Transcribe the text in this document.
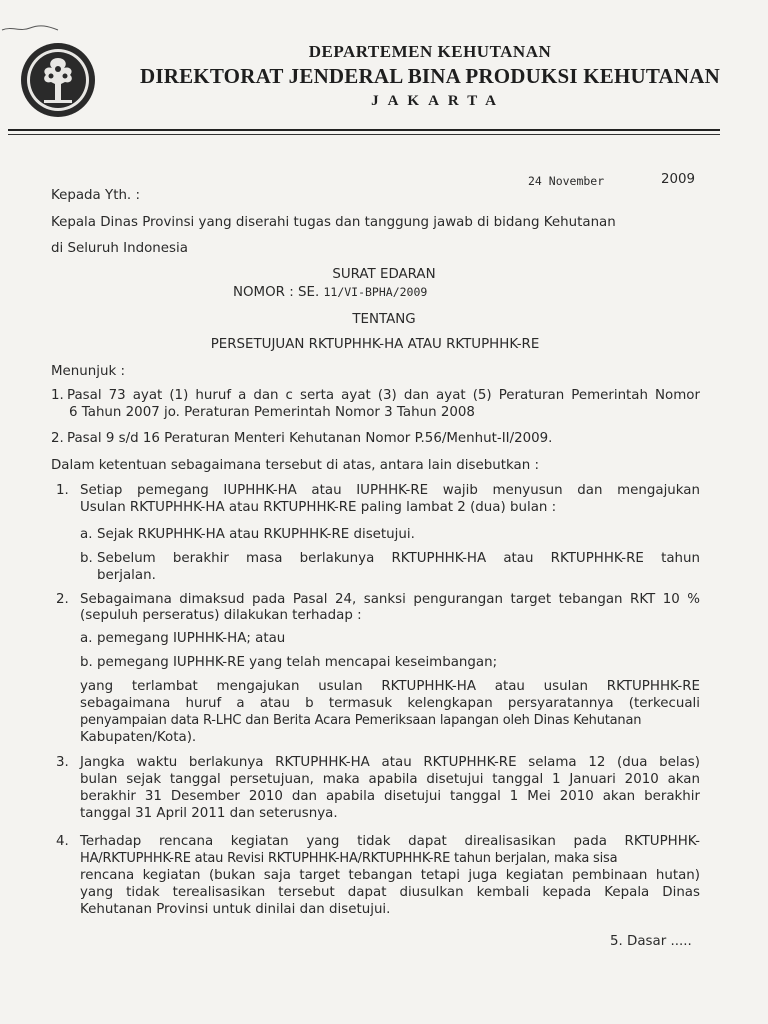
DEPARTEMEN KEHUTANAN
DIREKTORAT JENDERAL BINA PRODUKSI KEHUTANAN
JAKARTA
24 November	2009
Kepada Yth. :
Kepala Dinas Provinsi yang diserahi tugas dan tanggung jawab di bidang Kehutanan
di Seluruh Indonesia
SURAT EDARAN
NOMOR : SE. 11/VI-BPHA/2009
TENTANG
PERSETUJUAN RKTUPHHK-HA ATAU RKTUPHHK-RE
Menunjuk :
1. Pasal 73 ayat (1) huruf a dan c serta ayat (3) dan ayat (5) Peraturan Pemerintah Nomor
6 Tahun 2007 jo. Peraturan Pemerintah Nomor 3 Tahun 2008
2. Pasal 9 s/d 16 Peraturan Menteri Kehutanan Nomor P.56/Menhut-II/2009.
Dalam ketentuan sebagaimana tersebut di atas, antara lain disebutkan :
1. Setiap pemegang IUPHHK-HA atau IUPHHK-RE wajib menyusun dan mengajukan
Usulan RKTUPHHK-HA atau RKTUPHHK-RE paling lambat 2 (dua) bulan :
a. Sejak RKUPHHK-HA atau RKUPHHK-RE disetujui.
b. Sebelum berakhir masa berlakunya RKTUPHHK-HA atau RKTUPHHK-RE tahun
berjalan.
2. Sebagaimana dimaksud pada Pasal 24, sanksi pengurangan target tebangan RKT 10 %
(sepuluh perseratus) dilakukan terhadap :
a. pemegang IUPHHK-HA; atau
b. pemegang IUPHHK-RE yang telah mencapai keseimbangan;
yang terlambat mengajukan usulan RKTUPHHK-HA atau usulan RKTUPHHK-RE
sebagaimana huruf a atau b termasuk kelengkapan persyaratannya (terkecuali
penyampaian data R-LHC dan Berita Acara Pemeriksaan lapangan oleh Dinas Kehutanan
Kabupaten/Kota).
3. Jangka waktu berlakunya RKTUPHHK-HA atau RKTUPHHK-RE selama 12 (dua belas)
bulan sejak tanggal persetujuan, maka apabila disetujui tanggal 1 Januari 2010 akan
berakhir 31 Desember 2010 dan apabila disetujui tanggal 1 Mei 2010 akan berakhir
tanggal 31 April 2011 dan seterusnya.
4. Terhadap rencana kegiatan yang tidak dapat direalisasikan pada RKTUPHHK-
HA/RKTUPHHK-RE atau Revisi RKTUPHHK-HA/RKTUPHHK-RE tahun berjalan, maka sisa
rencana kegiatan (bukan saja target tebangan tetapi juga kegiatan pembinaan hutan)
yang tidak terealisasikan tersebut dapat diusulkan kembali kepada Kepala Dinas
Kehutanan Provinsi untuk dinilai dan disetujui.
5. Dasar .....
